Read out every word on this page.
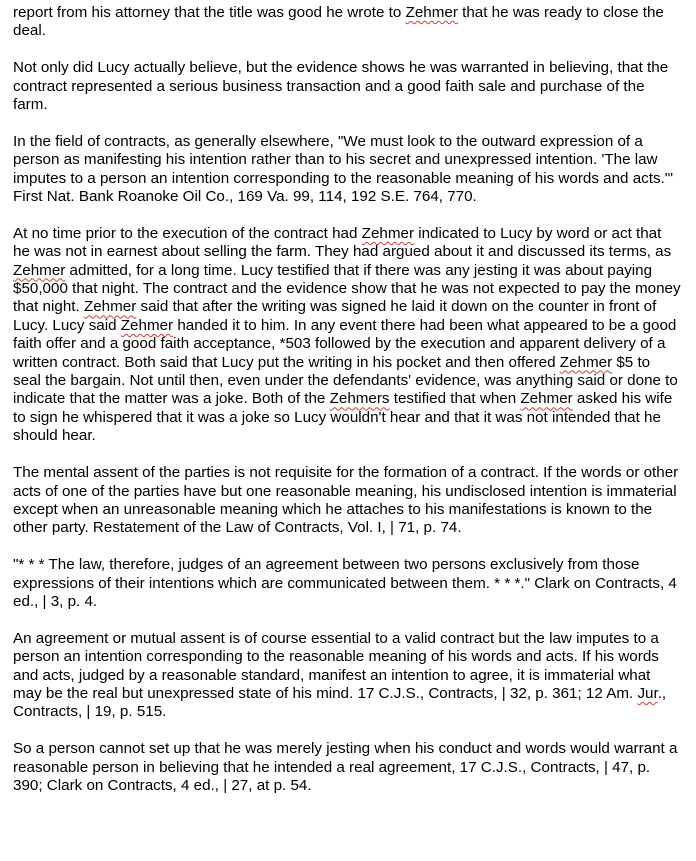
report from his attorney that the title was good he wrote to Zehmer that he was ready to close the deal.

Not only did Lucy actually believe, but the evidence shows he was warranted in believing, that the contract represented a serious business transaction and a good faith sale and purchase of the farm.

In the field of contracts, as generally elsewhere, "We must look to the outward expression of a person as manifesting his intention rather than to his secret and unexpressed intention. 'The law imputes to a person an intention corresponding to the reasonable meaning of his words and acts.'" First Nat. Bank Roanoke Oil Co., 169 Va. 99, 114, 192 S.E. 764, 770.

At no time prior to the execution of the contract had Zehmer indicated to Lucy by word or act that he was not in earnest about selling the farm. They had argued about it and discussed its terms, as Zehmer admitted, for a long time. Lucy testified that if there was any jesting it was about paying $50,000 that night. The contract and the evidence show that he was not expected to pay the money that night. Zehmer said that after the writing was signed he laid it down on the counter in front of Lucy. Lucy said Zehmer handed it to him. In any event there had been what appeared to be a good faith offer and a good faith acceptance, *503 followed by the execution and apparent delivery of a written contract. Both said that Lucy put the writing in his pocket and then offered Zehmer $5 to seal the bargain. Not until then, even under the defendants' evidence, was anything said or done to indicate that the matter was a joke. Both of the Zehmers testified that when Zehmer asked his wife to sign he whispered that it was a joke so Lucy wouldn't hear and that it was not intended that he should hear.

The mental assent of the parties is not requisite for the formation of a contract. If the words or other acts of one of the parties have but one reasonable meaning, his undisclosed intention is immaterial except when an unreasonable meaning which he attaches to his manifestations is known to the other party. Restatement of the Law of Contracts, Vol. I, | 71, p. 74.

"* * * The law, therefore, judges of an agreement between two persons exclusively from those expressions of their intentions which are communicated between them. * * *." Clark on Contracts, 4 ed., | 3, p. 4.

An agreement or mutual assent is of course essential to a valid contract but the law imputes to a person an intention corresponding to the reasonable meaning of his words and acts. If his words and acts, judged by a reasonable standard, manifest an intention to agree, it is immaterial what may be the real but unexpressed state of his mind. 17 C.J.S., Contracts, | 32, p. 361; 12 Am. Jur., Contracts, | 19, p. 515.

So a person cannot set up that he was merely jesting when his conduct and words would warrant a reasonable person in believing that he intended a real agreement, 17 C.J.S., Contracts, | 47, p. 390; Clark on Contracts, 4 ed., | 27, at p. 54.
